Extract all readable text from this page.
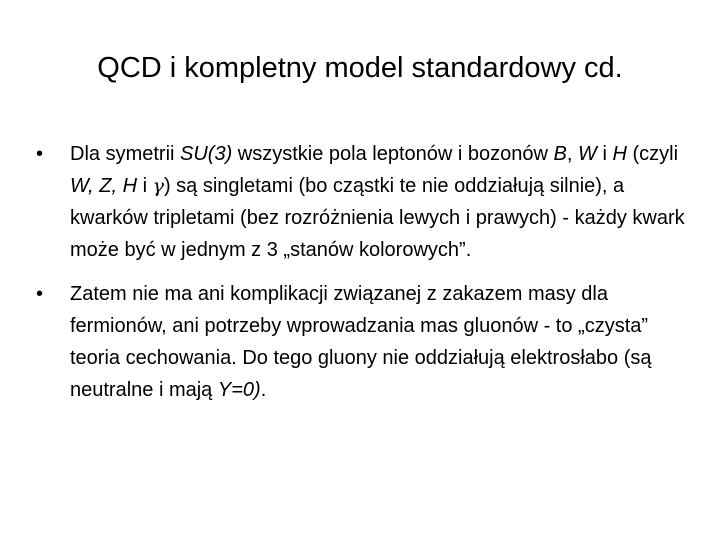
QCD i kompletny model standardowy cd.
•	Dla symetrii SU(3) wszystkie pola leptonów i bozonów B, W i H (czyli W, Z, H i γ) są singletami (bo cząstki te nie oddziałują silnie), a kwarków tripletami (bez rozróżnienia lewych i prawych) - każdy kwark może być w jednym z 3 „stanów kolorowych”.
•	Zatem nie ma ani komplikacji związanej z zakazem masy dla fermionów, ani potrzeby wprowadzania mas gluonów - to „czysta” teoria cechowania. Do tego gluony nie oddziałują elektrosłabo (są neutralne i mają Y=0).
